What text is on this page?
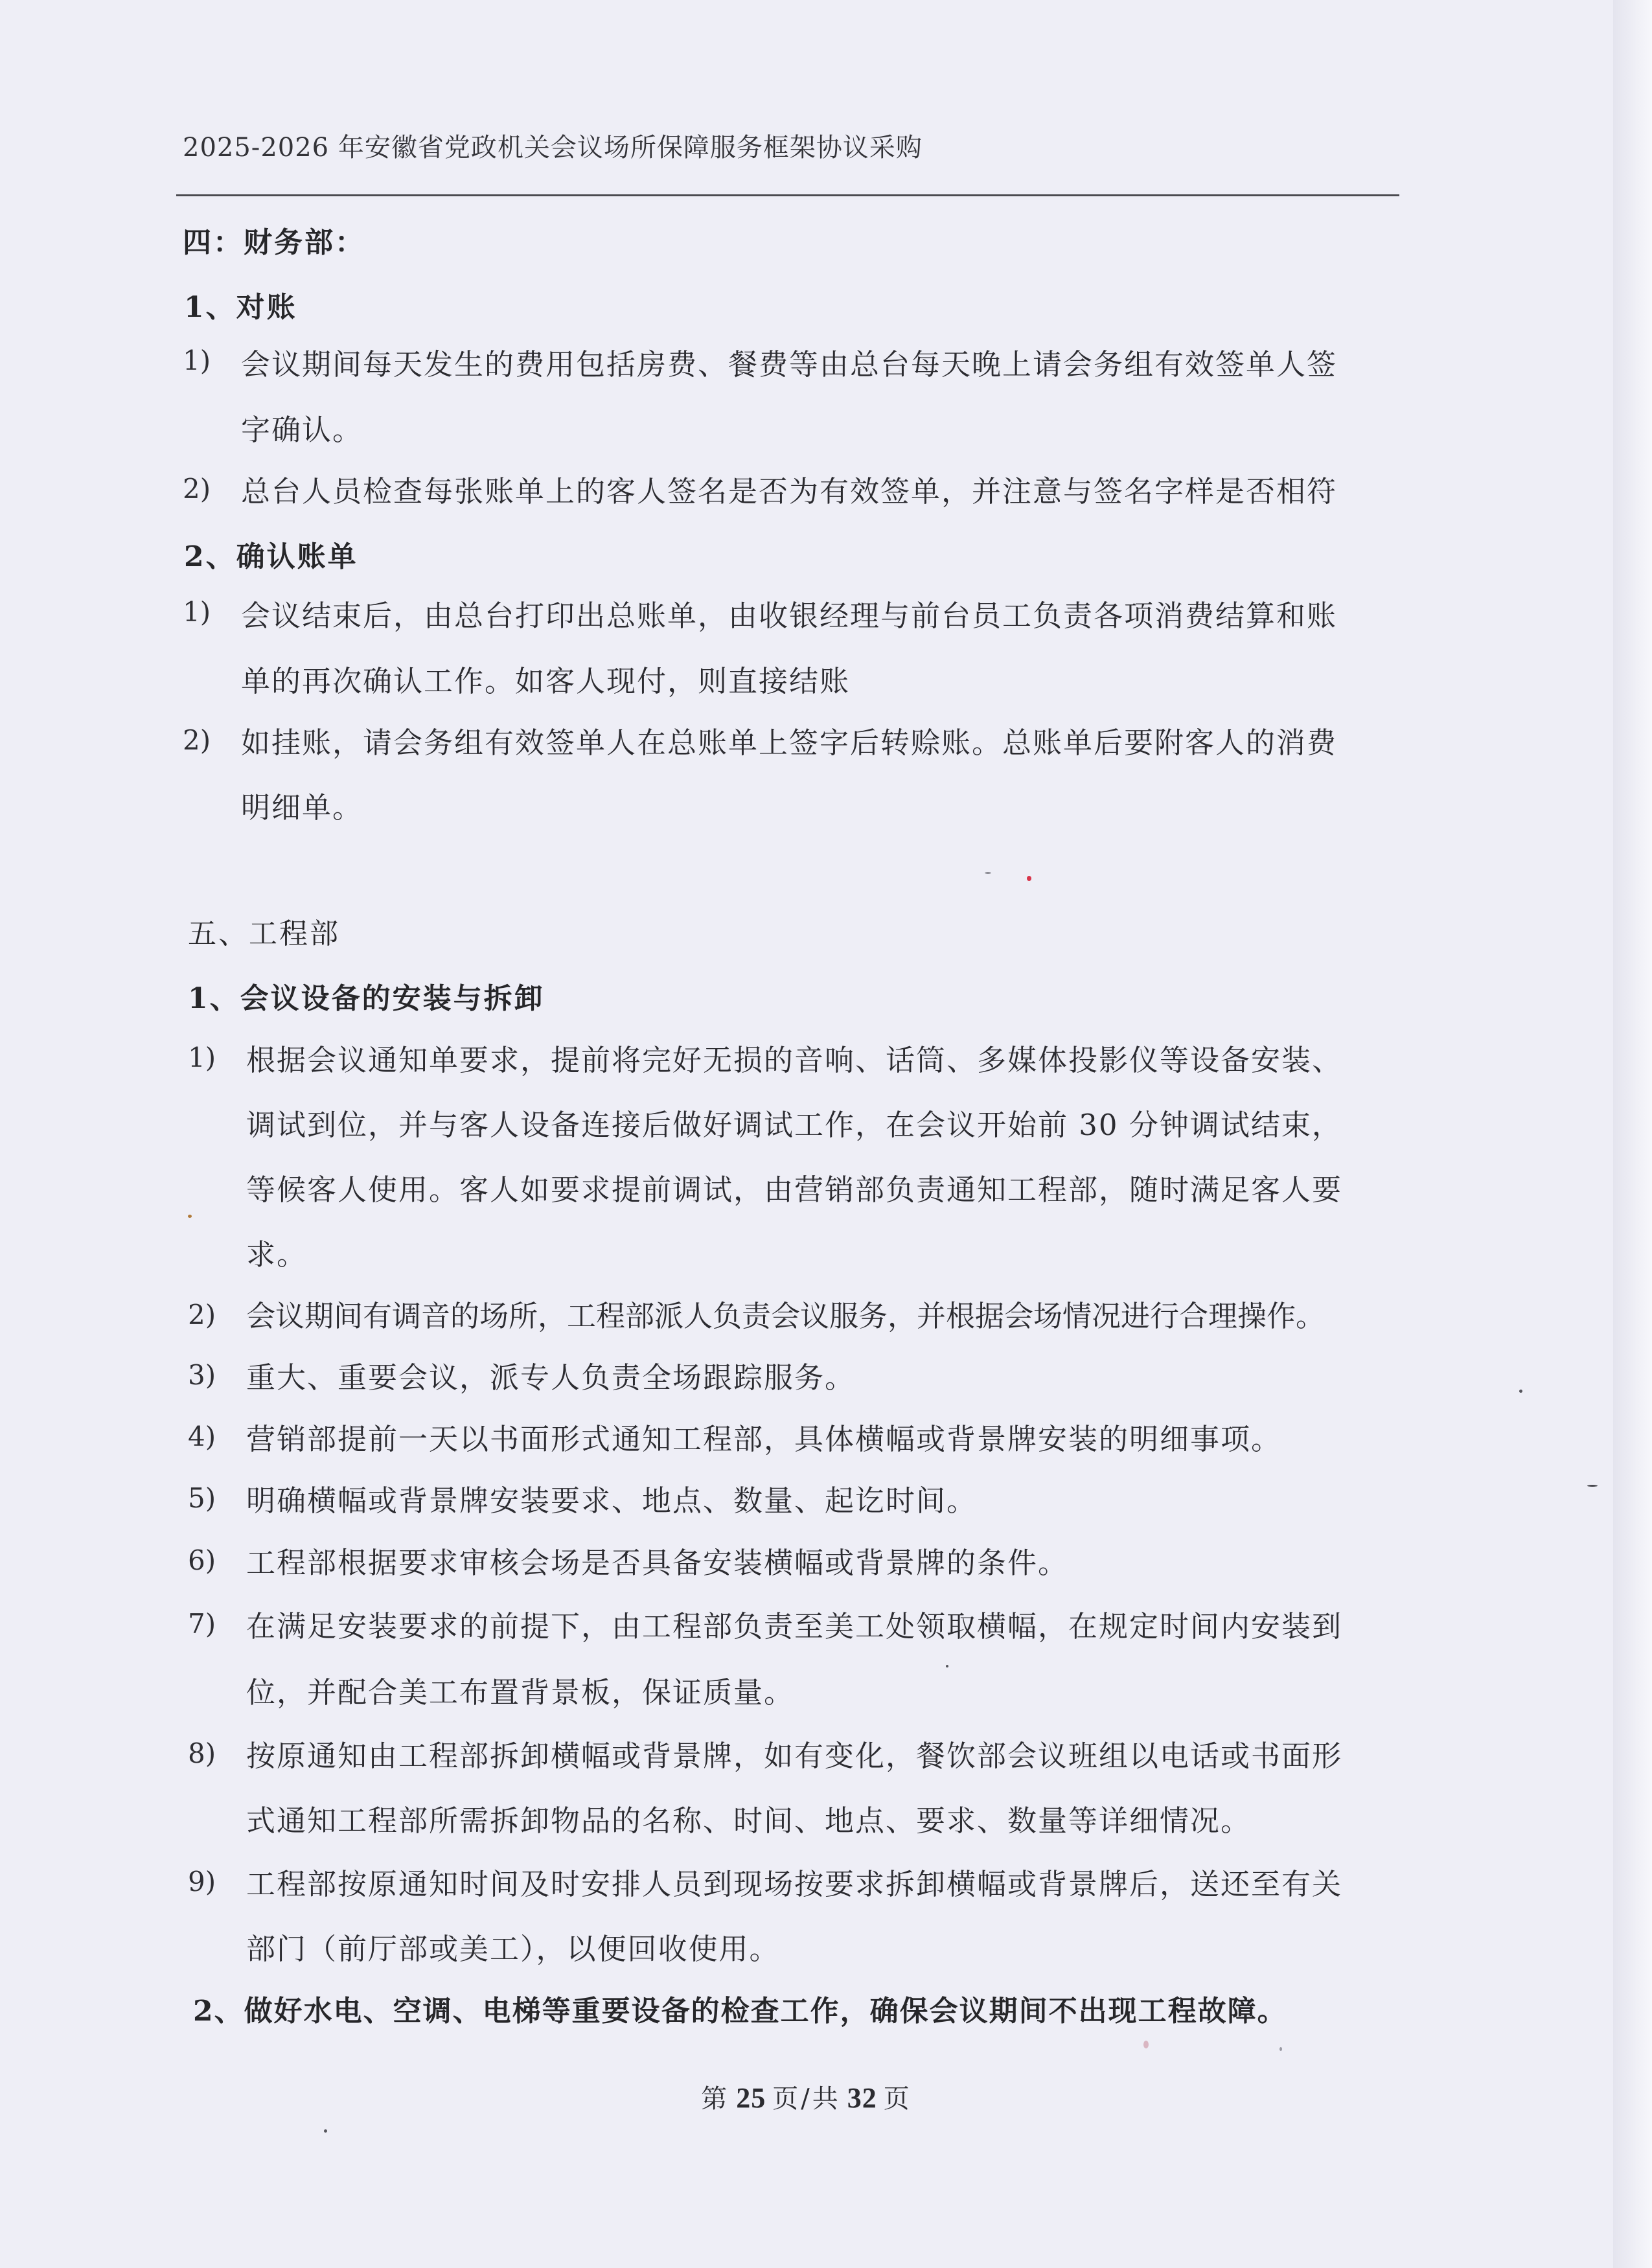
2025-2026 年安徽省党政机关会议场所保障服务框架协议采购
四：财务部：
1、对账
1) 会议期间每天发生的费用包括房费、餐费等由总台每天晚上请会务组有效签单人签
字确认。
2) 总台人员检查每张账单上的客人签名是否为有效签单，并注意与签名字样是否相符
2、确认账单
1) 会议结束后，由总台打印出总账单，由收银经理与前台员工负责各项消费结算和账
单的再次确认工作。如客人现付，则直接结账
2) 如挂账，请会务组有效签单人在总账单上签字后转赊账。总账单后要附客人的消费
明细单。
五、工程部
1、会议设备的安装与拆卸
1) 根据会议通知单要求，提前将完好无损的音响、话筒、多媒体投影仪等设备安装、
调试到位，并与客人设备连接后做好调试工作，在会议开始前 30 分钟调试结束，
等候客人使用。客人如要求提前调试，由营销部负责通知工程部，随时满足客人要
求。
2) 会议期间有调音的场所，工程部派人负责会议服务，并根据会场情况进行合理操作。
3) 重大、重要会议，派专人负责全场跟踪服务。
4) 营销部提前一天以书面形式通知工程部，具体横幅或背景牌安装的明细事项。
5) 明确横幅或背景牌安装要求、地点、数量、起讫时间。
6) 工程部根据要求审核会场是否具备安装横幅或背景牌的条件。
7) 在满足安装要求的前提下，由工程部负责至美工处领取横幅，在规定时间内安装到
位，并配合美工布置背景板，保证质量。
8) 按原通知由工程部拆卸横幅或背景牌，如有变化，餐饮部会议班组以电话或书面形
式通知工程部所需拆卸物品的名称、时间、地点、要求、数量等详细情况。
9) 工程部按原通知时间及时安排人员到现场按要求拆卸横幅或背景牌后，送还至有关
部门（前厅部或美工），以便回收使用。
2、做好水电、空调、电梯等重要设备的检查工作，确保会议期间不出现工程故障。
第 25 页/共 32 页
